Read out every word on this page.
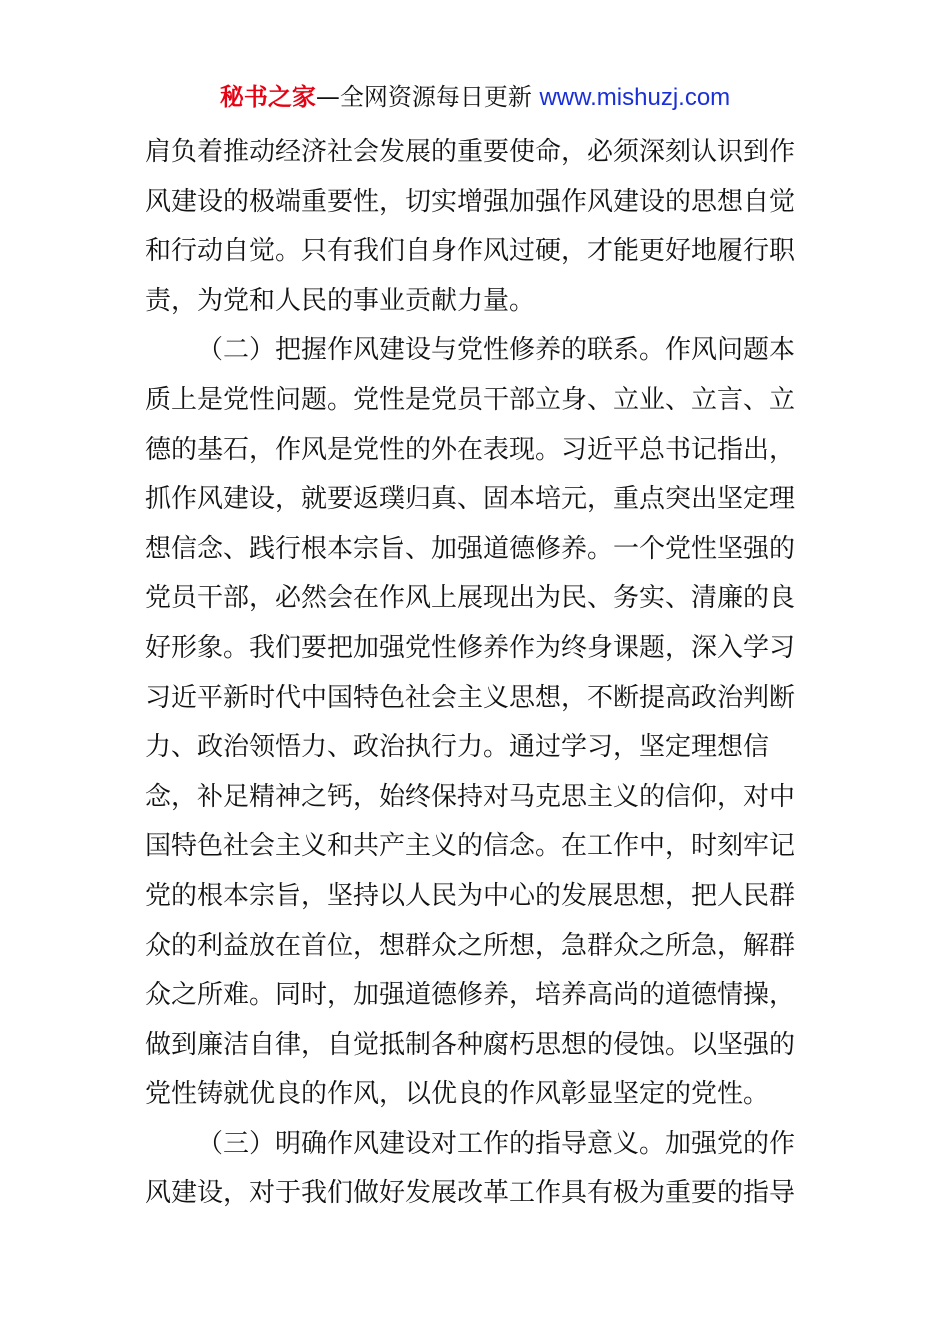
秘书之家—全网资源每日更新 www.mishuzj.com
肩负着推动经济社会发展的重要使命，必须深刻认识到作
风建设的极端重要性，切实增强加强作风建设的思想自觉
和行动自觉。只有我们自身作风过硬，才能更好地履行职
责，为党和人民的事业贡献力量。
（二）把握作风建设与党性修养的联系。作风问题本
质上是党性问题。党性是党员干部立身、立业、立言、立
德的基石，作风是党性的外在表现。习近平总书记指出，
抓作风建设，就要返璞归真、固本培元，重点突出坚定理
想信念、践行根本宗旨、加强道德修养。一个党性坚强的
党员干部，必然会在作风上展现出为民、务实、清廉的良
好形象。我们要把加强党性修养作为终身课题，深入学习
习近平新时代中国特色社会主义思想，不断提高政治判断
力、政治领悟力、政治执行力。通过学习，坚定理想信
念，补足精神之钙，始终保持对马克思主义的信仰，对中
国特色社会主义和共产主义的信念。在工作中，时刻牢记
党的根本宗旨，坚持以人民为中心的发展思想，把人民群
众的利益放在首位，想群众之所想，急群众之所急，解群
众之所难。同时，加强道德修养，培养高尚的道德情操，
做到廉洁自律，自觉抵制各种腐朽思想的侵蚀。以坚强的
党性铸就优良的作风，以优良的作风彰显坚定的党性。
（三）明确作风建设对工作的指导意义。加强党的作
风建设，对于我们做好发展改革工作具有极为重要的指导
